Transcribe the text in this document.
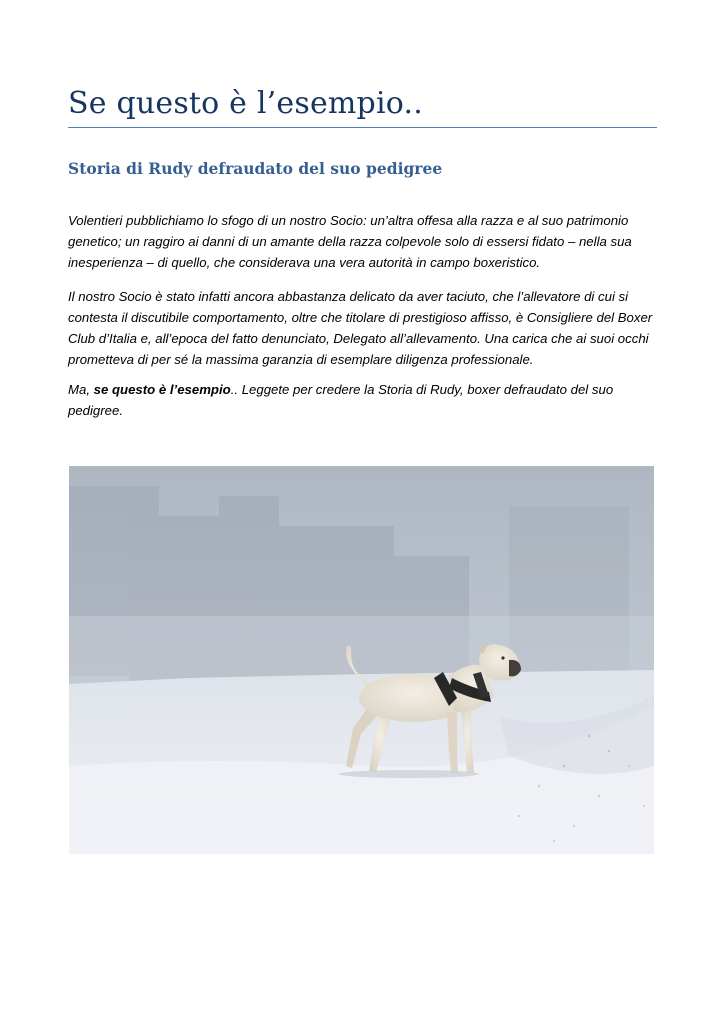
Se questo è l’esempio..
Storia di Rudy defraudato del suo pedigree

Volentieri pubblichiamo lo sfogo di un nostro Socio: un’altra offesa alla razza e al suo patrimonio genetico; un raggiro ai danni di un amante della razza colpevole solo di essersi fidato – nella sua inesperienza – di quello, che considerava una vera autorità in campo boxeristico.

Il nostro Socio è stato infatti ancora abbastanza delicato da aver taciuto, che l’allevatore di cui si contesta il discutibile comportamento, oltre che titolare di prestigioso affisso, è Consigliere del Boxer Club d’Italia e, all’epoca del fatto denunciato, Delegato all’allevamento. Una carica che ai suoi occhi prometteva di per sé la massima garanzia di esemplare diligenza professionale.

Ma, se questo è l’esempio.. Leggete per credere la Storia di Rudy, boxer defraudato del suo pedigree.
